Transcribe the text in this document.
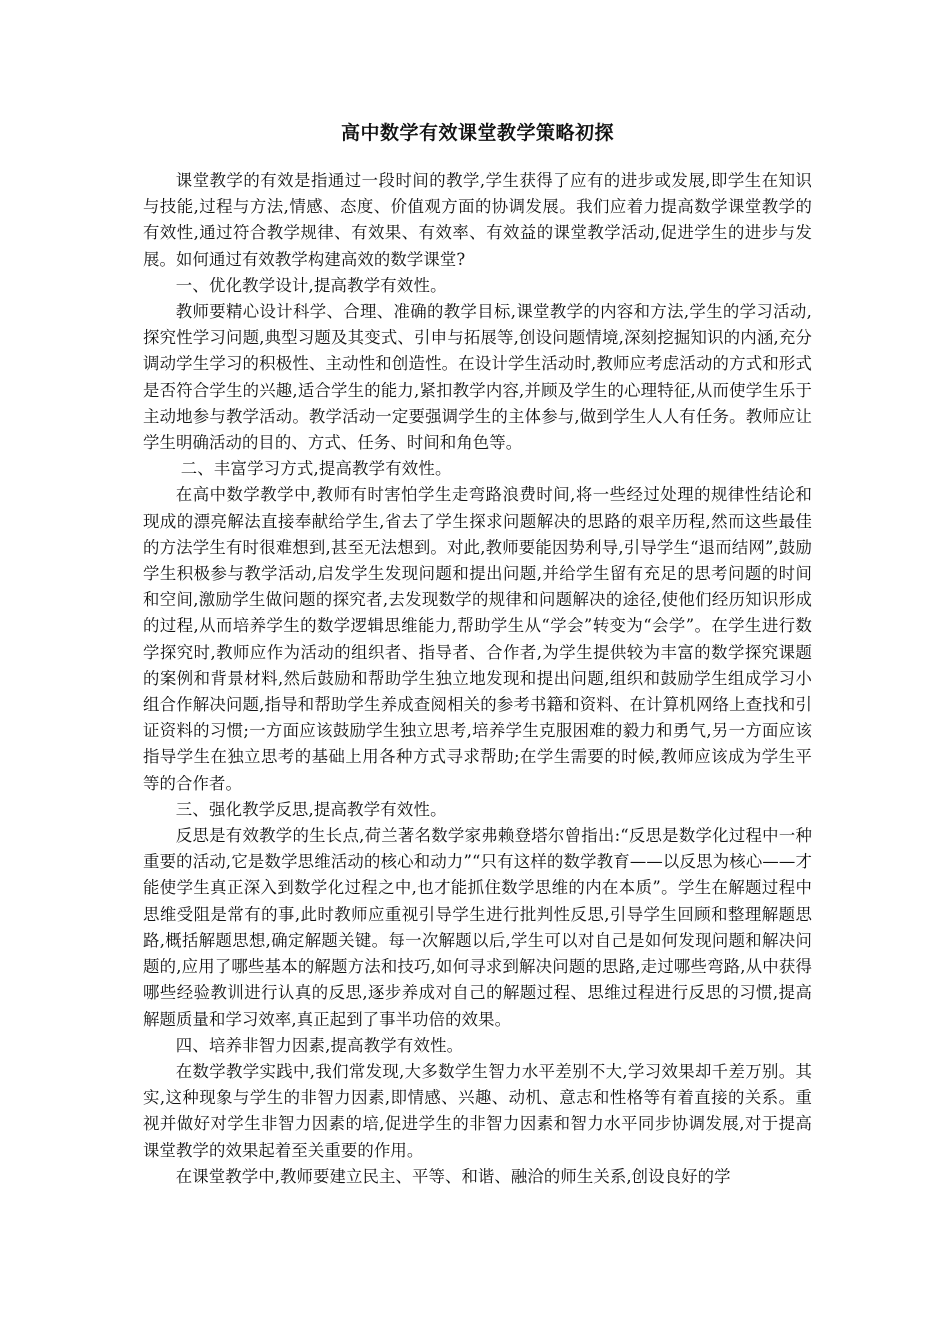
高中数学有效课堂教学策略初探

课堂教学的有效是指通过一段时间的教学,学生获得了应有的进步或发展,即学生在知识与技能,过程与方法,情感、态度、价值观方面的协调发展。我们应着力提高数学课堂教学的有效性,通过符合教学规律、有效果、有效率、有效益的课堂教学活动,促进学生的进步与发展。如何通过有效教学构建高效的数学课堂?

一、优化教学设计,提高教学有效性。

教师要精心设计科学、合理、准确的教学目标,课堂教学的内容和方法,学生的学习活动,探究性学习问题,典型习题及其变式、引申与拓展等,创设问题情境,深刻挖掘知识的内涵,充分调动学生学习的积极性、主动性和创造性。在设计学生活动时,教师应考虑活动的方式和形式是否符合学生的兴趣,适合学生的能力,紧扣教学内容,并顾及学生的心理特征,从而使学生乐于主动地参与教学活动。教学活动一定要强调学生的主体参与,做到学生人人有任务。教师应让学生明确活动的目的、方式、任务、时间和角色等。

二、丰富学习方式,提高教学有效性。

在高中数学教学中,教师有时害怕学生走弯路浪费时间,将一些经过处理的规律性结论和现成的漂亮解法直接奉献给学生,省去了学生探求问题解决的思路的艰辛历程,然而这些最佳的方法学生有时很难想到,甚至无法想到。对此,教师要能因势利导,引导学生“退而结网”,鼓励学生积极参与教学活动,启发学生发现问题和提出问题,并给学生留有充足的思考问题的时间和空间,激励学生做问题的探究者,去发现数学的规律和问题解决的途径,使他们经历知识形成的过程,从而培养学生的数学逻辑思维能力,帮助学生从“学会”转变为“会学”。在学生进行数学探究时,教师应作为活动的组织者、指导者、合作者,为学生提供较为丰富的数学探究课题的案例和背景材料,然后鼓励和帮助学生独立地发现和提出问题,组织和鼓励学生组成学习小组合作解决问题,指导和帮助学生养成查阅相关的参考书籍和资料、在计算机网络上查找和引证资料的习惯;一方面应该鼓励学生独立思考,培养学生克服困难的毅力和勇气,另一方面应该指导学生在独立思考的基础上用各种方式寻求帮助;在学生需要的时候,教师应该成为学生平等的合作者。

三、强化教学反思,提高教学有效性。

反思是有效教学的生长点,荷兰著名数学家弗赖登塔尔曾指出:“反思是数学化过程中一种重要的活动,它是数学思维活动的核心和动力”“只有这样的数学教育——以反思为核心——才能使学生真正深入到数学化过程之中,也才能抓住数学思维的内在本质”。学生在解题过程中思维受阻是常有的事,此时教师应重视引导学生进行批判性反思,引导学生回顾和整理解题思路,概括解题思想,确定解题关键。每一次解题以后,学生可以对自己是如何发现问题和解决问题的,应用了哪些基本的解题方法和技巧,如何寻求到解决问题的思路,走过哪些弯路,从中获得哪些经验教训进行认真的反思,逐步养成对自己的解题过程、思维过程进行反思的习惯,提高解题质量和学习效率,真正起到了事半功倍的效果。

四、培养非智力因素,提高教学有效性。

在数学教学实践中,我们常发现,大多数学生智力水平差别不大,学习效果却千差万别。其实,这种现象与学生的非智力因素,即情感、兴趣、动机、意志和性格等有着直接的关系。重视并做好对学生非智力因素的培,促进学生的非智力因素和智力水平同步协调发展,对于提高课堂教学的效果起着至关重要的作用。

在课堂教学中,教师要建立民主、平等、和谐、融洽的师生关系,创设良好的学
